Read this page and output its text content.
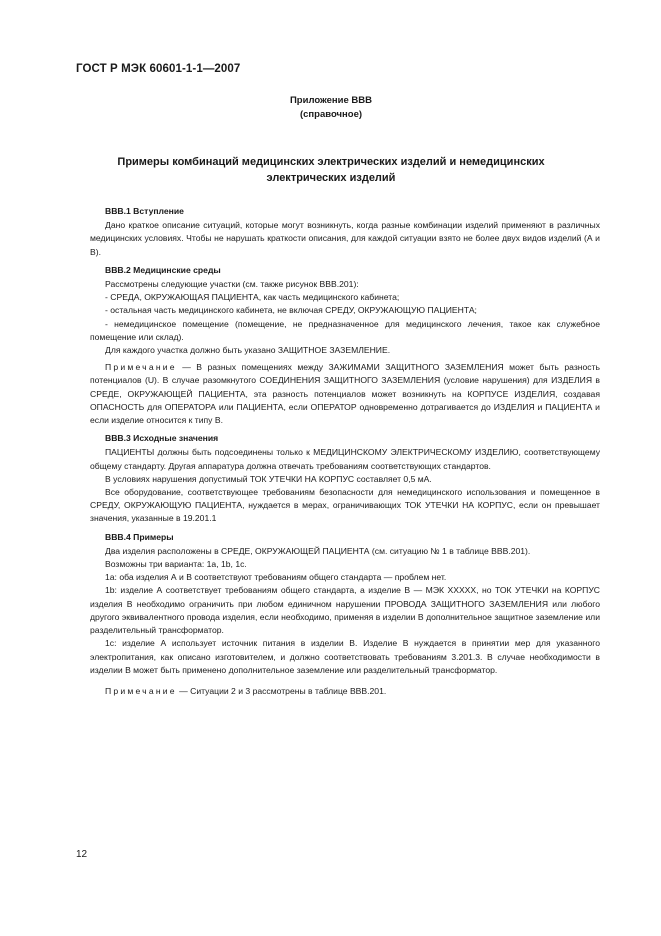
ГОСТ Р МЭК 60601-1-1—2007
Приложение ВВВ
(справочное)
Примеры комбинаций медицинских электрических изделий и немедицинских
электрических изделий
ВВВ.1 Вступление

Дано краткое описание ситуаций, которые могут возникнуть, когда разные комбинации изделий применяют в различных медицинских условиях. Чтобы не нарушать краткости описания, для каждой ситуации взято не более двух видов изделий (А и В).

ВВВ.2 Медицинские среды

Рассмотрены следующие участки (см. также рисунок ВВВ.201):

- СРЕДА, ОКРУЖАЮЩАЯ ПАЦИЕНТА, как часть медицинского кабинета;

- остальная часть медицинского кабинета, не включая СРЕДУ, ОКРУЖАЮЩУЮ ПАЦИЕНТА;

- немедицинское помещение (помещение, не предназначенное для медицинского лечения, такое как служебное помещение или склад).

Для каждого участка должно быть указано ЗАЩИТНОЕ ЗАЗЕМЛЕНИЕ.

Примечание — В разных помещениях между ЗАЖИМАМИ ЗАЩИТНОГО ЗАЗЕМЛЕНИЯ может быть разность потенциалов (U). В случае разомкнутого СОЕДИНЕНИЯ ЗАЩИТНОГО ЗАЗЕМЛЕНИЯ (условие нарушения) для ИЗДЕЛИЯ в СРЕДЕ, ОКРУЖАЮЩЕЙ ПАЦИЕНТА, эта разность потенциалов может возникнуть на КОРПУСЕ ИЗДЕЛИЯ, создавая ОПАСНОСТЬ для ОПЕРАТОРА или ПАЦИЕНТА, если ОПЕРАТОР одновременно дотрагивается до ИЗДЕЛИЯ и ПАЦИЕНТА и если изделие относится к типу В.

ВВВ.3 Исходные значения

ПАЦИЕНТЫ должны быть подсоединены только к МЕДИЦИНСКОМУ ЭЛЕКТРИЧЕСКОМУ ИЗДЕЛИЮ, соответствующему общему стандарту. Другая аппаратура должна отвечать требованиям соответствующих стандартов.

В условиях нарушения допустимый ТОК УТЕЧКИ НА КОРПУС составляет 0,5 мА.

Все оборудование, соответствующее требованиям безопасности для немедицинского использования и помещенное в СРЕДУ, ОКРУЖАЮЩУЮ ПАЦИЕНТА, нуждается в мерах, ограничивающих ТОК УТЕЧКИ НА КОРПУС, если он превышает значения, указанные в 19.201.1

ВВВ.4 Примеры

Два изделия расположены в СРЕДЕ, ОКРУЖАЮЩЕЙ ПАЦИЕНТА (см. ситуацию № 1 в таблице ВВВ.201).

Возможны три варианта: 1a, 1b, 1c.

1a: оба изделия А и В соответствуют требованиям общего стандарта — проблем нет.

1b: изделие А соответствует требованиям общего стандарта, а изделие В — МЭК XXXXX, но ТОК УТЕЧКИ на КОРПУС изделия В необходимо ограничить при любом единичном нарушении ПРОВОДА ЗАЩИТНОГО ЗАЗЕМЛЕНИЯ или любого другого эквивалентного провода изделия, если необходимо, применяя в изделии В дополнительное защитное заземление или разделительный трансформатор.

1c: изделие А использует источник питания в изделии В. Изделие В нуждается в принятии мер для указанного электропитания, как описано изготовителем, и должно соответствовать требованиям 3.201.3. В случае необходимости в изделии В может быть применено дополнительное заземление или разделительный трансформатор.

Примечание — Ситуации 2 и 3 рассмотрены в таблице ВВВ.201.

12
